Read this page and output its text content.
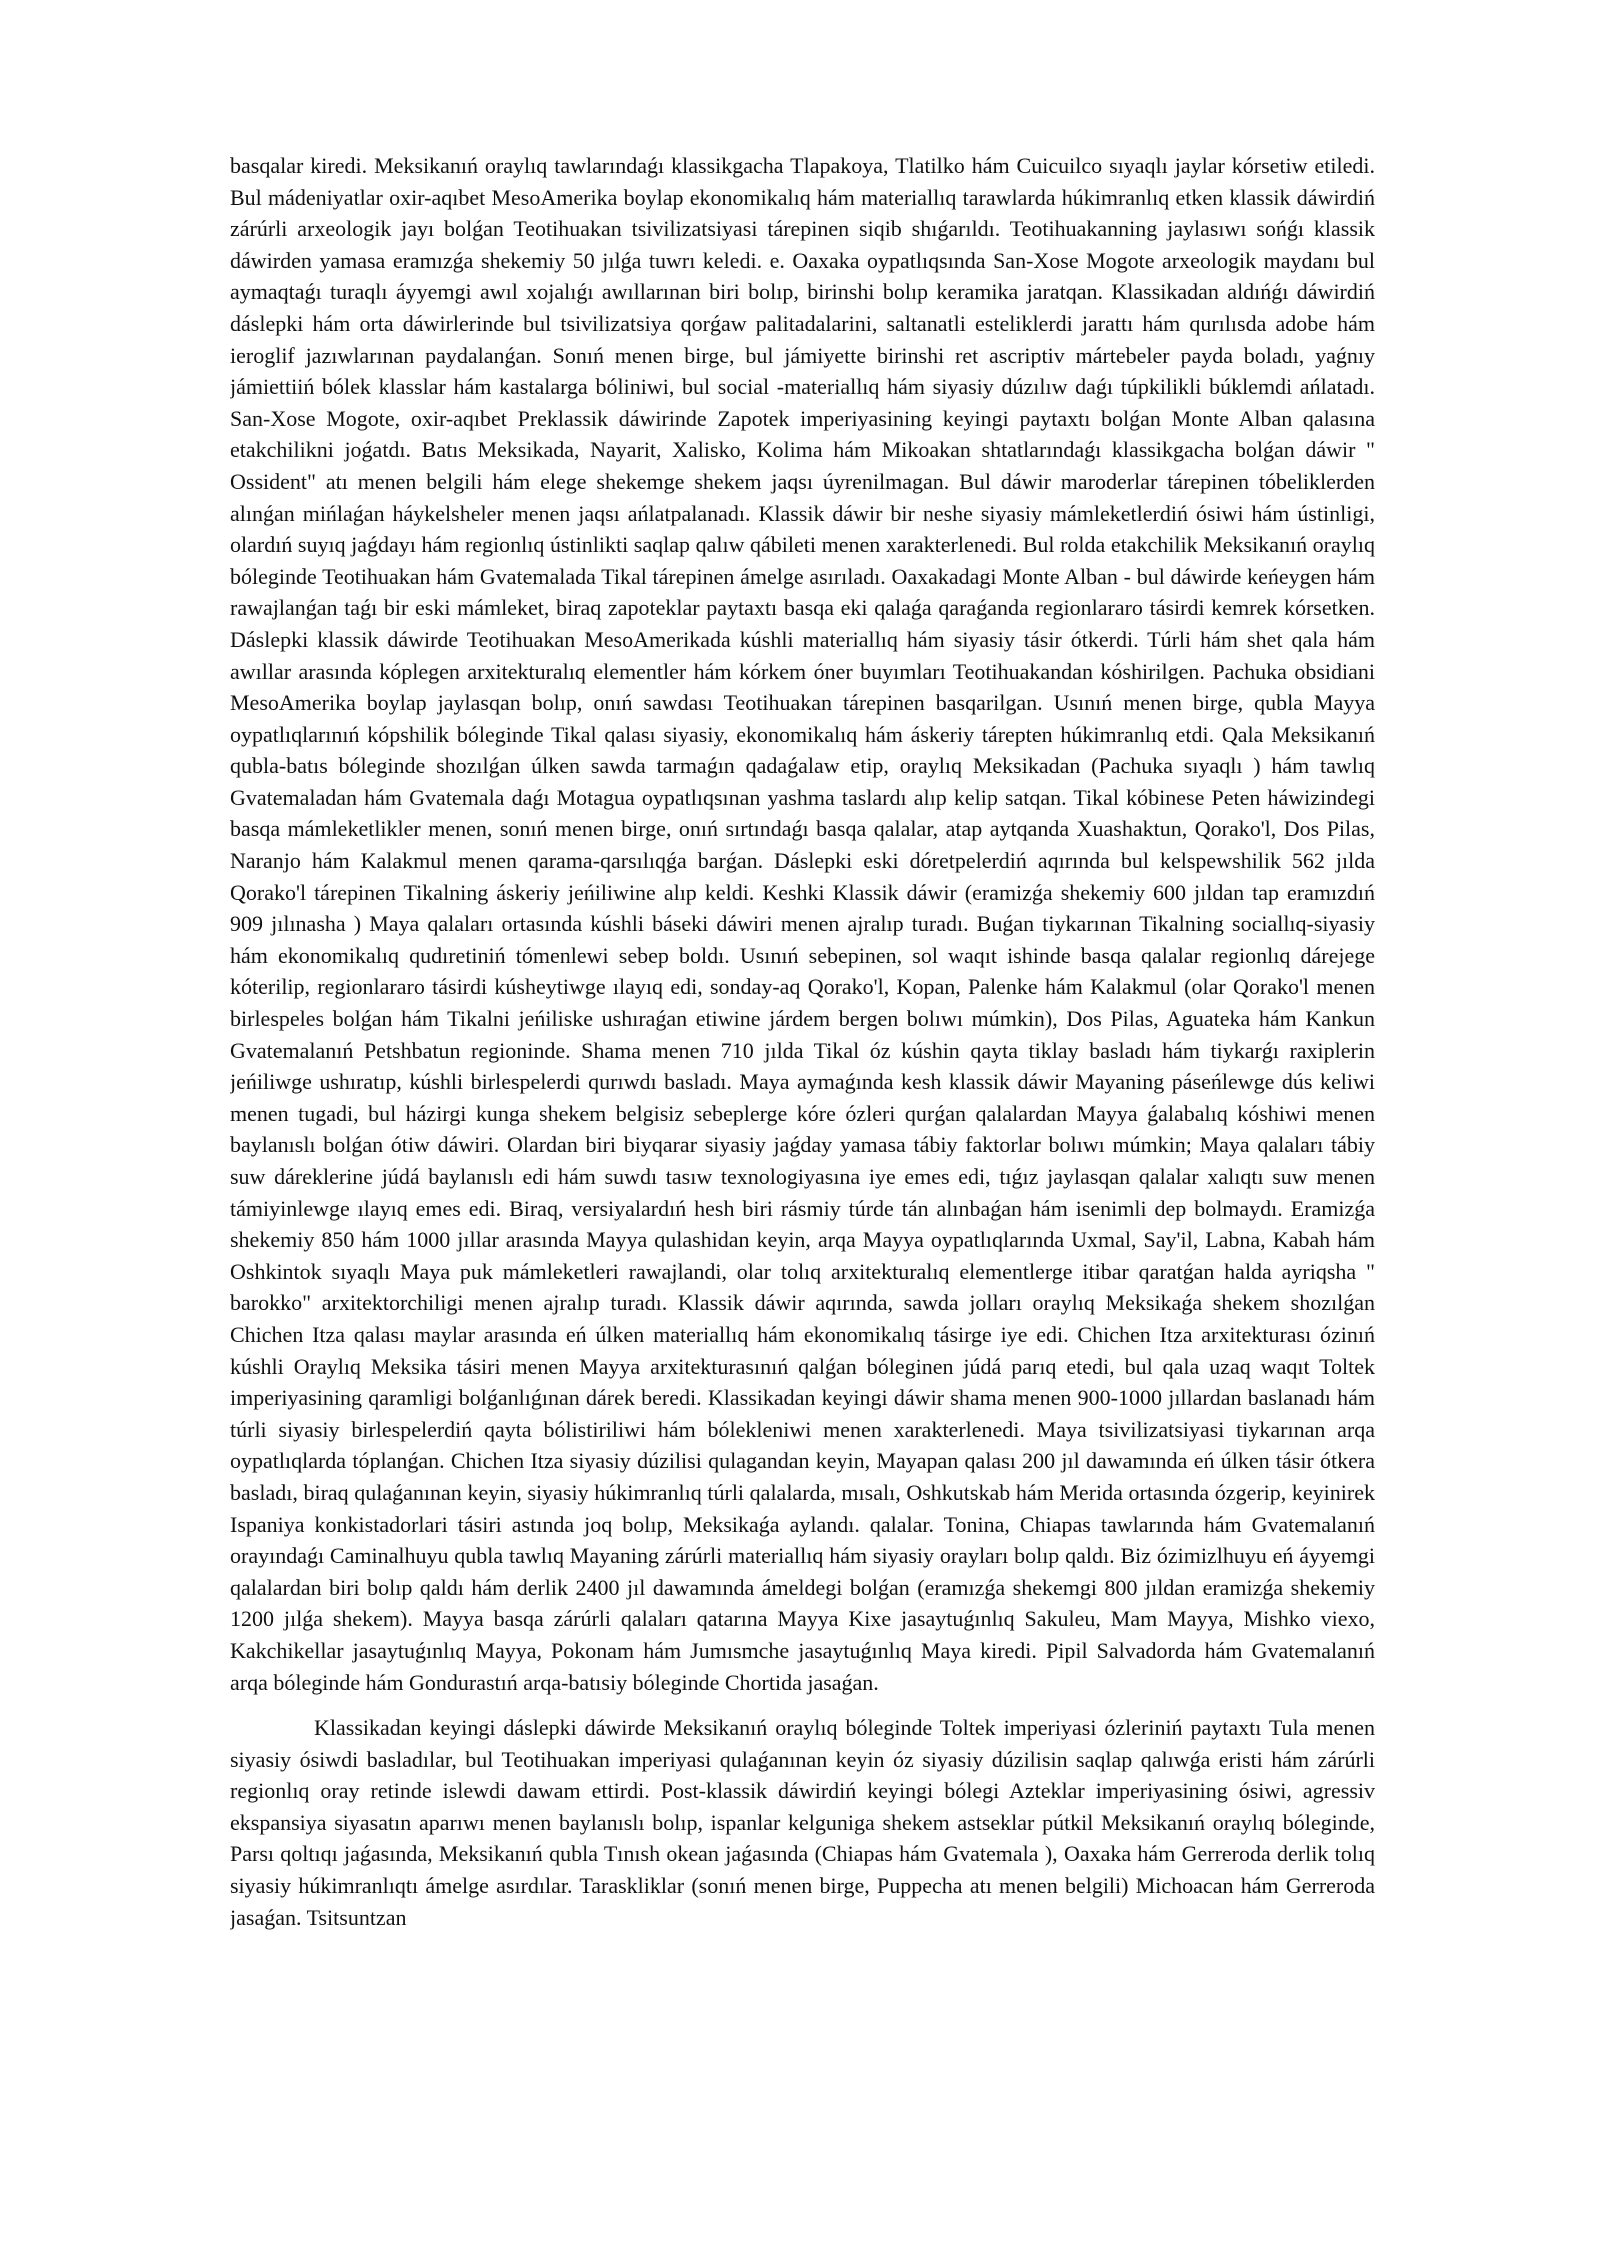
basqalar kiredi. Meksikanıń oraylıq tawlarındaǵı klassikgacha Tlapakoya, Tlatilko hám Cuicuilco sıyaqlı jaylar kórsetiw etiledi. Bul mádeniyatlar oxir-aqıbet MesoAmerika boylap ekonomikalıq hám materiallıq tarawlarda húkimranlıq etken klassik dáwirdiń zárúrli arxeologik jayı bolǵan Teotihuakan tsivilizatsiyasi tárepinen siqib shıǵarıldı. Teotihuakanning jaylasıwı sońǵı klassik dáwirden yamasa eramızǵa shekemiy 50 jılǵa tuwrı keledi. e. Oaxaka oypatlıqsında San-Xose Mogote arxeologik maydanı bul aymaqtaǵı turaqlı áyyemgi awıl xojalıǵı awıllarınan biri bolıp, birinshi bolıp keramika jaratqan. Klassikadan aldıńǵı dáwirdiń dáslepki hám orta dáwirlerinde bul tsivilizatsiya qorǵaw palitadalarini, saltanatli esteliklerdi jarattı hám qurılısda adobe hám ieroglif jazıwlarınan paydalanǵan. Sonıń menen birge, bul jámiyette birinshi ret ascriptiv mártebeler payda boladı, yaǵnıy jámiettiiń bólek klasslar hám kastalarga bóliniwi, bul social -materiallıq hám siyasiy dúzılıw daǵı túpkilikli búklemdi ańlatadı. San-Xose Mogote, oxir-aqıbet Preklassik dáwirinde Zapotek imperiyasining keyingi paytaxtı bolǵan Monte Alban qalasına etakchilikni joǵatdı. Batıs Meksikada, Nayarit, Xalisko, Kolima hám Mikoakan shtatlarındaǵı klassikgacha bolǵan dáwir " Ossident" atı menen belgili hám elege shekemge shekem jaqsı úyrenilmagan. Bul dáwir maroderlar tárepinen tóbeliklerden alınǵan mińlaǵan háykelsheler menen jaqsı ańlatpalanadı. Klassik dáwir bir neshe siyasiy mámleketlerdiń ósiwi hám ústinligi, olardıń suyıq jaǵdayı hám regionlıq ústinlikti saqlap qalıw qábileti menen xarakterlenedi. Bul rolda etakchilik Meksikanıń oraylıq bóleginde Teotihuakan hám Gvatemalada Tikal tárepinen ámelge asırıladı. Oaxakadagi Monte Alban - bul dáwirde keńeygen hám rawajlanǵan taǵı bir eski mámleket, biraq zapoteklar paytaxtı basqa eki qalaǵa qaraǵanda regionlararo tásirdi kemrek kórsetken. Dáslepki klassik dáwirde Teotihuakan MesoAmerikada kúshli materiallıq hám siyasiy tásir ótkerdi. Túrli hám shet qala hám awıllar arasında kóplegen arxitekturalıq elementler hám kórkem óner buyımları Teotihuakandan kóshirilgen. Pachuka obsidiani MesoAmerika boylap jaylasqan bolıp, onıń sawdası Teotihuakan tárepinen basqarilgan. Usınıń menen birge, qubla Mayya oypatlıqlarınıń kópshilik bóleginde Tikal qalası siyasiy, ekonomikalıq hám áskeriy tárepten húkimranlıq etdi. Qala Meksikanıń qubla-batıs bóleginde shozılǵan úlken sawda tarmaǵın qadaǵalaw etip, oraylıq Meksikadan (Pachuka sıyaqlı ) hám tawlıq Gvatemaladan hám Gvatemala daǵı Motagua oypatlıqsınan yashma taslardı alıp kelip satqan. Tikal kóbinese Peten háwizindegi basqa mámleketlikler menen, sonıń menen birge, onıń sırtındaǵı basqa qalalar, atap aytqanda Xuashaktun, Qorako'l, Dos Pilas, Naranjo hám Kalakmul menen qarama-qarsılıqǵa barǵan. Dáslepki eski dóretpelerdiń aqırında bul kelspewshilik 562 jılda Qorako'l tárepinen Tikalning áskeriy jeńiliwine alıp keldi. Keshki Klassik dáwir (eramizǵa shekemiy 600 jıldan tap eramızdıń 909 jılınasha ) Maya qalaları ortasında kúshli báseki dáwiri menen ajralıp turadı. Buǵan tiykarınan Tikalning sociallıq-siyasiy hám ekonomikalıq qudıretiniń tómenlewi sebep boldı. Usınıń sebepinen, sol waqıt ishinde basqa qalalar regionlıq dárejege kóterilip, regionlararo tásirdi kúsheytiwge ılayıq edi, sonday-aq Qorako'l, Kopan, Palenke hám Kalakmul (olar Qorako'l menen birlespeles bolǵan hám Tikalni jeńiliske ushıraǵan etiwine járdem bergen bolıwı múmkin), Dos Pilas, Aguateka hám Kankun Gvatemalanıń Petshbatun regioninde. Shama menen 710 jılda Tikal óz kúshin qayta tiklay basladı hám tiykarǵı raxiplerin jeńiliwge ushıratıp, kúshli birlespelerdi qurıwdı basladı. Maya aymaǵında kesh klassik dáwir Mayaning páseńlewge dús keliwi menen tugadi, bul házirgi kunga shekem belgisiz sebeplerge kóre ózleri qurǵan qalalardan Mayya ǵalabalıq kóshiwi menen baylanıslı bolǵan ótiw dáwiri. Olardan biri biyqarar siyasiy jaǵday yamasa tábiy faktorlar bolıwı múmkin; Maya qalaları tábiy suw dáreklerine júdá baylanıslı edi hám suwdı tasıw texnologiyasına iye emes edi, tıǵız jaylasqan qalalar xalıqtı suw menen támiyinlewge ılayıq emes edi. Biraq, versiyalardıń hesh biri rásmiy túrde tán alınbaǵan hám isenimli dep bolmaydı. Eramizǵa shekemiy 850 hám 1000 jıllar arasında Mayya qulashidan keyin, arqa Mayya oypatlıqlarında Uxmal, Say'il, Labna, Kabah hám Oshkintok sıyaqlı Maya puk mámleketleri rawajlandi, olar tolıq arxitekturalıq elementlerge itibar qaratǵan halda ayriqsha " barokko" arxitektorchiligi menen ajralıp turadı. Klassik dáwir aqırında, sawda jolları oraylıq Meksikaǵa shekem shozılǵan Chichen Itza qalası maylar arasında eń úlken materiallıq hám ekonomikalıq tásirge iye edi. Chichen Itza arxitekturası ózinıń kúshli Oraylıq Meksika tásiri menen Mayya arxitekturasınıń qalǵan bóleginen júdá parıq etedi, bul qala uzaq waqıt Toltek imperiyasining qaramligi bolǵanlıǵınan dárek beredi. Klassikadan keyingi dáwir shama menen 900-1000 jıllardan baslanadı hám túrli siyasiy birlespelerdiń qayta bólistiriliwi hám bólekleniwi menen xarakterlenedi. Maya tsivilizatsiyasi tiykarınan arqa oypatlıqlarda tóplanǵan. Chichen Itza siyasiy dúzilisi qulagandan keyin, Mayapan qalası 200 jıl dawamında eń úlken tásir ótkera basladı, biraq qulaǵanınan keyin, siyasiy húkimranlıq túrli qalalarda, mısalı, Oshkutskab hám Merida ortasında ózgerip, keyinirek Ispaniya konkistadorlari tásiri astında joq bolıp, Meksikaǵa aylandı. qalalar. Tonina, Chiapas tawlarında hám Gvatemalanıń orayındaǵı Caminalhuyu qubla tawlıq Mayaning zárúrli materiallıq hám siyasiy orayları bolıp qaldı. Biz ózimizlhuyu eń áyyemgi qalalardan biri bolıp qaldı hám derlik 2400 jıl dawamında ámeldegi bolǵan (eramızǵa shekemgi 800 jıldan eramizǵa shekemiy 1200 jılǵa shekem). Mayya basqa zárúrli qalaları qatarına Mayya Kixe jasaytuǵınlıq Sakuleu, Mam Mayya, Mishko viexo, Kakchikellar jasaytuǵınlıq Mayya, Pokonam hám Jumısmche jasaytuǵınlıq Maya kiredi. Pipil Salvadorda hám Gvatemalanıń arqa bóleginde hám Gondurastıń arqa-batısiy bóleginde Chortida jasaǵan.

Klassikadan keyingi dáslepki dáwirde Meksikanıń oraylıq bóleginde Toltek imperiyasi ózleriniń paytaxtı Tula menen siyasiy ósiwdi basladılar, bul Teotihuakan imperiyasi qulaǵanınan keyin óz siyasiy dúzilisin saqlap qalıwǵa eristi hám zárúrli regionlıq oray retinde islewdi dawam ettirdi. Post-klassik dáwirdiń keyingi bólegi Azteklar imperiyasining ósiwi, agressiv ekspansiya siyasatın aparıwı menen baylanıslı bolıp, ispanlar kelguniga shekem astseklar pútkil Meksikanıń oraylıq bóleginde, Parsı qoltıqı jaǵasında, Meksikanıń qubla Tınısh okean jaǵasında (Chiapas hám Gvatemala ), Oaxaka hám Gerreroda derlik tolıq siyasiy húkimranlıqtı ámelge asırdılar. Taraskliklar (sonıń menen birge, Puppecha atı menen belgili) Michoacan hám Gerreroda jasaǵan. Tsitsuntzan
